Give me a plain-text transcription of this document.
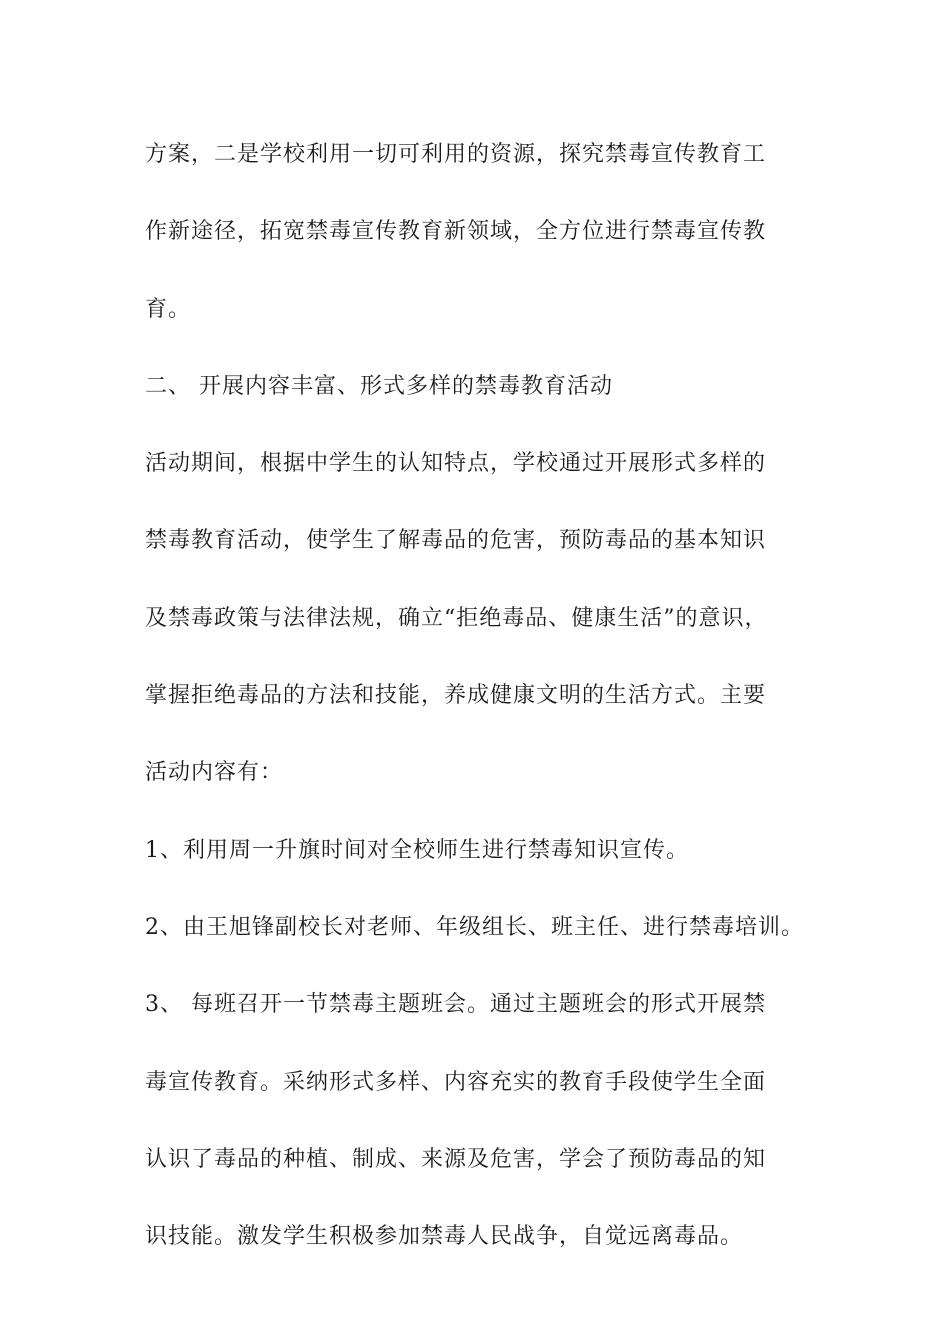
方案，二是学校利用一切可利用的资源，探究禁毒宣传教育工
作新途径，拓宽禁毒宣传教育新领域，全方位进行禁毒宣传教
育。
二、 开展内容丰富、形式多样的禁毒教育活动
活动期间，根据中学生的认知特点，学校通过开展形式多样的
禁毒教育活动，使学生了解毒品的危害，预防毒品的基本知识
及禁毒政策与法律法规，确立“拒绝毒品、健康生活”的意识，
掌握拒绝毒品的方法和技能，养成健康文明的生活方式。主要
活动内容有：
1、利用周一升旗时间对全校师生进行禁毒知识宣传。
2、由王旭锋副校长对老师、年级组长、班主任、进行禁毒培训。
3、 每班召开一节禁毒主题班会。通过主题班会的形式开展禁
毒宣传教育。采纳形式多样、内容充实的教育手段使学生全面
认识了毒品的种植、制成、来源及危害，学会了预防毒品的知
识技能。激发学生积极参加禁毒人民战争，自觉远离毒品。
